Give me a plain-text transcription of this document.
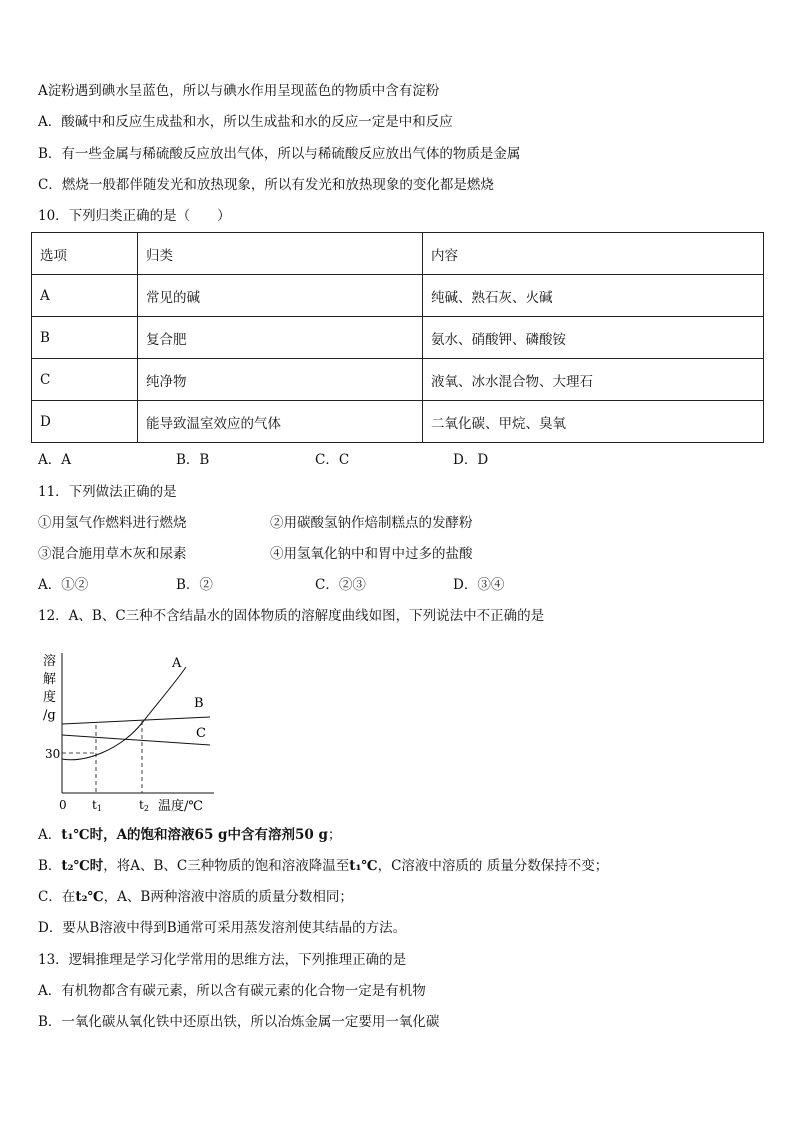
A淀粉遇到碘水呈蓝色，所以与碘水作用呈现蓝色的物质中含有淀粉
A．酸碱中和反应生成盐和水，所以生成盐和水的反应一定是中和反应
B．有一些金属与稀硫酸反应放出气体，所以与稀硫酸反应放出气体的物质是金属
C．燃烧一般都伴随发光和放热现象，所以有发光和放热现象的变化都是燃烧
10．下列归类正确的是（　　）
选项	归类	内容
A	常见的碱	纯碱、熟石灰、火碱
B	复合肥	氨水、硝酸钾、磷酸铵
C	纯净物	液氧、冰水混合物、大理石
D	能导致温室效应的气体	二氧化碳、甲烷、臭氧
A．A	B．B	C．C	D．D
11．下列做法正确的是
①用氢气作燃料进行燃烧	②用碳酸氢钠作焙制糕点的发酵粉
③混合施用草木灰和尿素	④用氢氧化钠中和胃中过多的盐酸
A．①②	B．②	C．②③	D．③④
12．A、B、C三种不含结晶水的固体物质的溶解度曲线如图，下列说法中不正确的是
溶
解
度
/g
30
0 t1	t2 温度/℃
A
B
C
A．t₁℃时，A的饱和溶液65 g中含有溶剂50 g；
B．t₂℃时，将A、B、C三种物质的饱和溶液降温至t₁℃，C溶液中溶质的 质量分数保持不变；
C．在t₂℃，A、B两种溶液中溶质的质量分数相同；
D．要从B溶液中得到B通常可采用蒸发溶剂使其结晶的方法。
13．逻辑推理是学习化学常用的思维方法，下列推理正确的是
A．有机物都含有碳元素，所以含有碳元素的化合物一定是有机物
B．一氧化碳从氧化铁中还原出铁，所以冶炼金属一定要用一氧化碳
